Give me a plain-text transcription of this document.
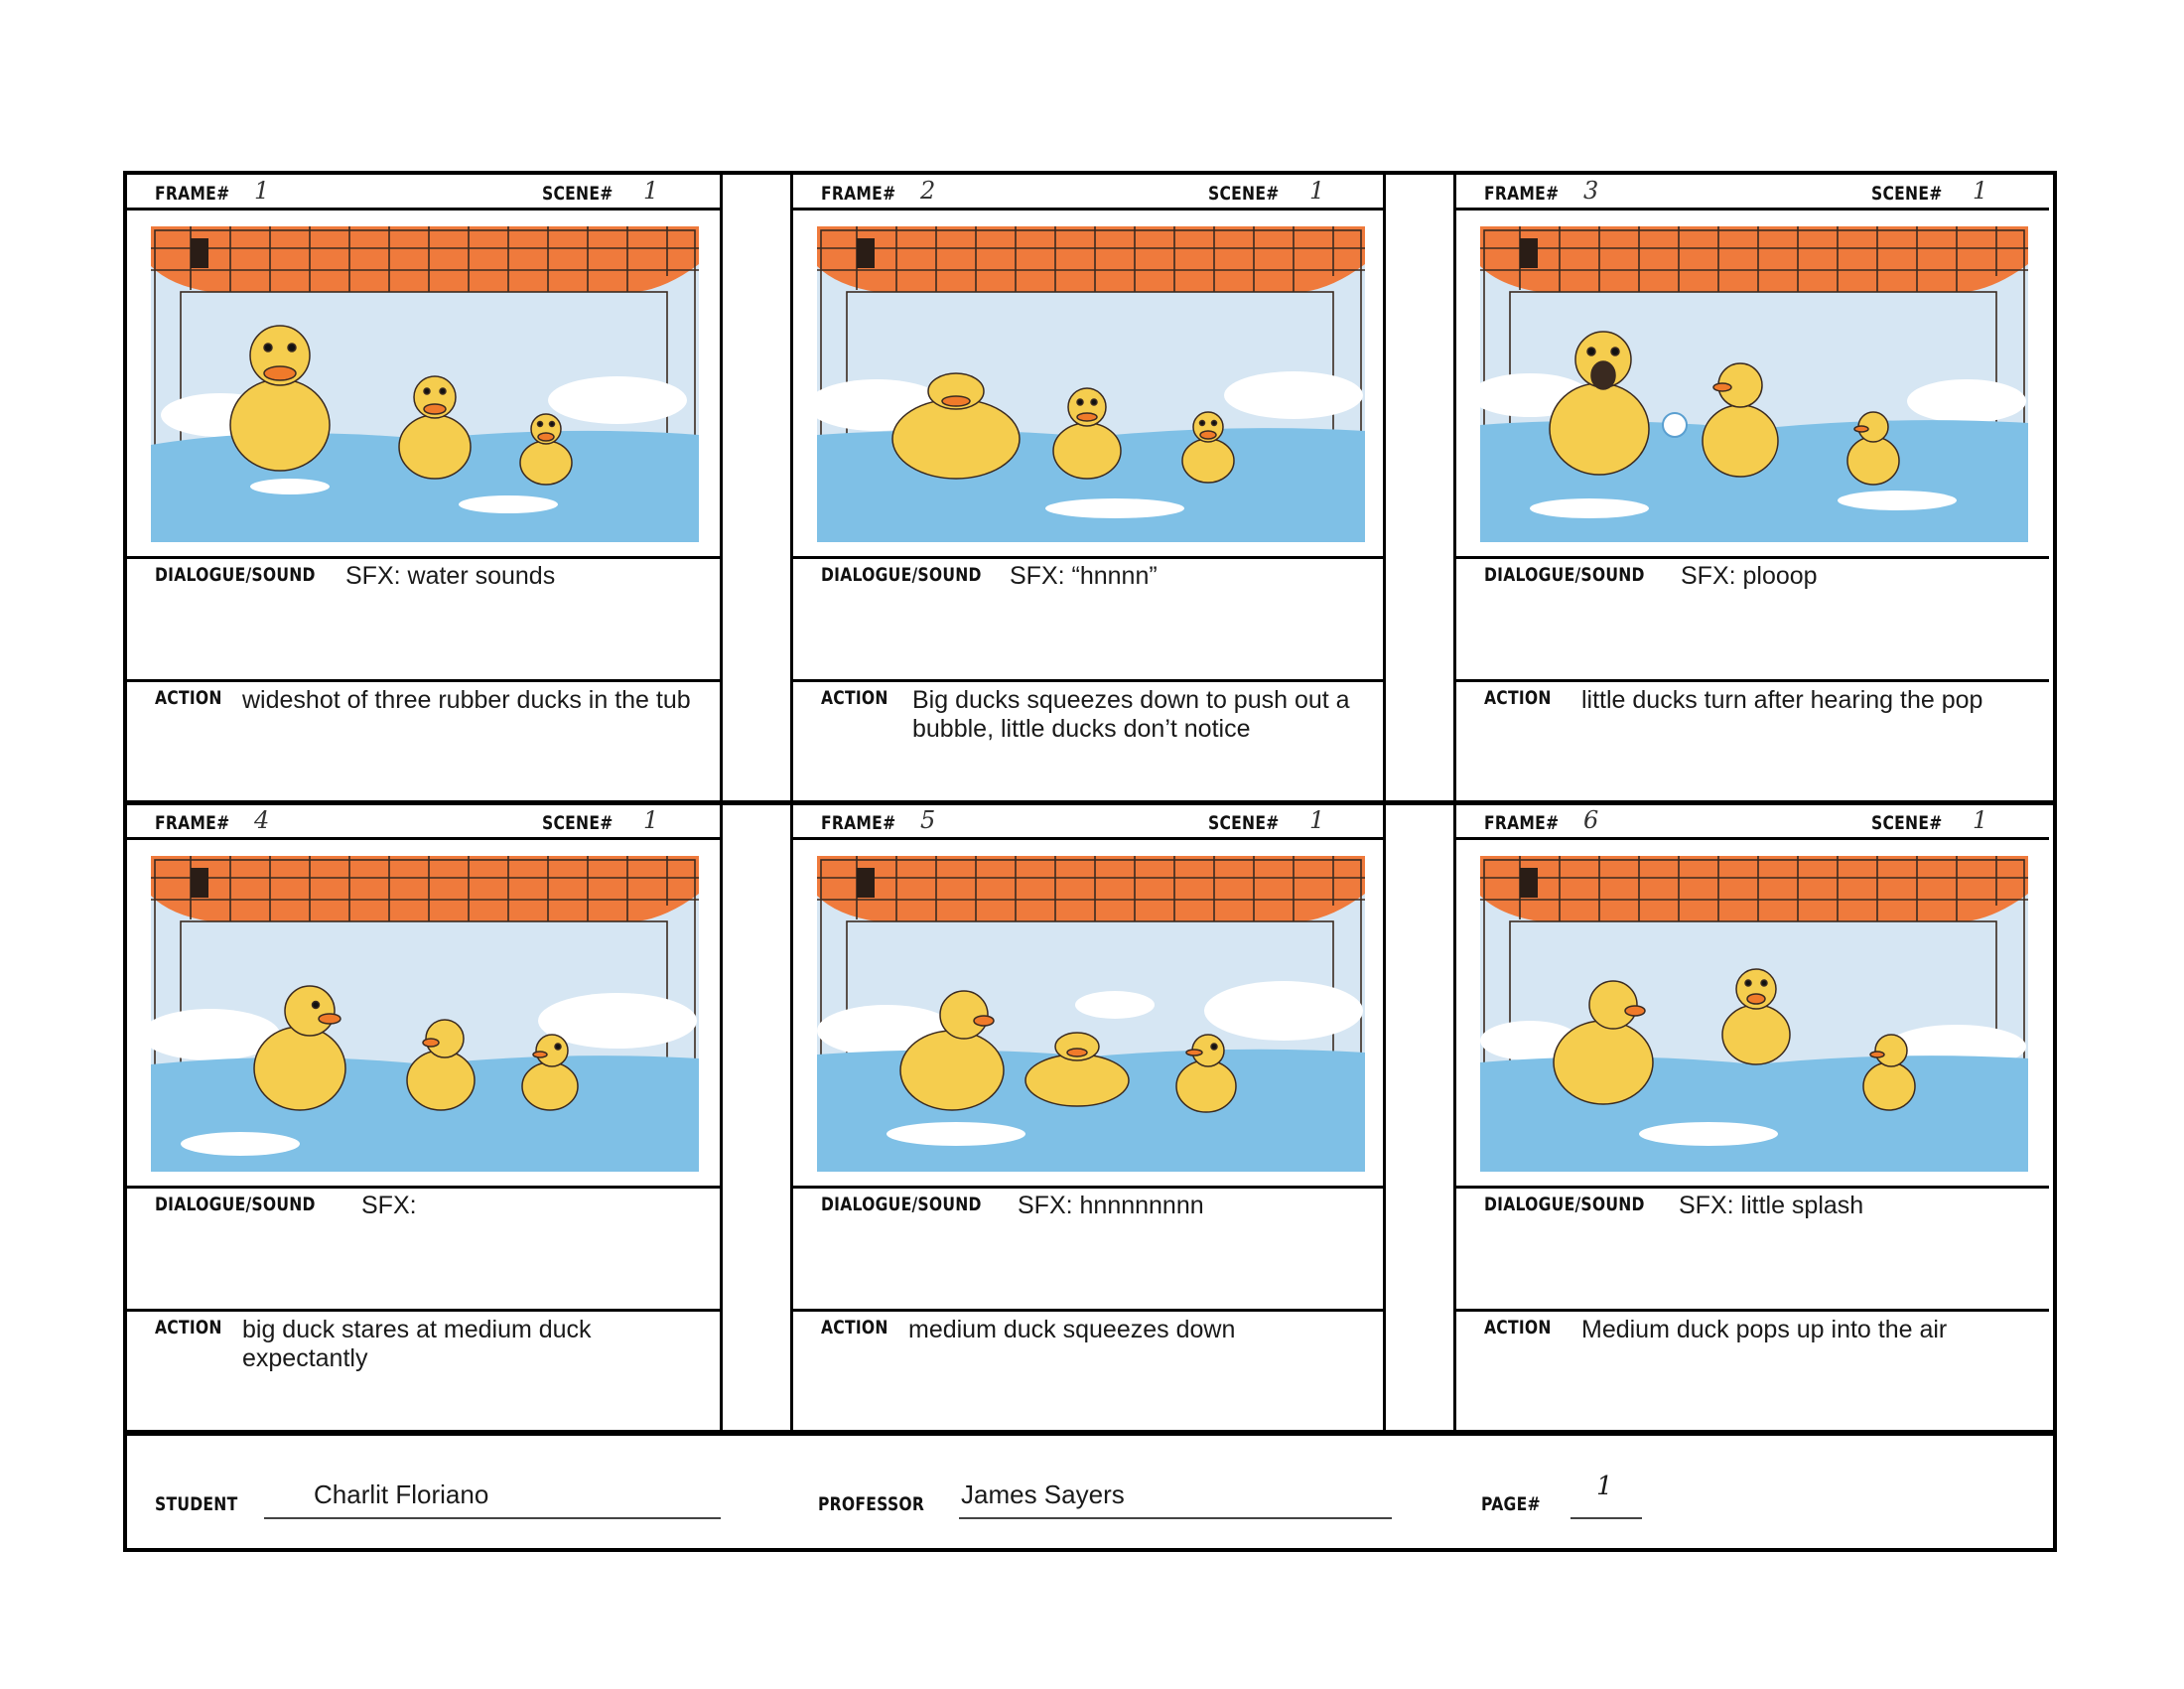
FRAME# 1	SCENE# 1
DIALOGUE/SOUND SFX: water sounds
ACTION wideshot of three rubber ducks in the tub
FRAME# 2	SCENE# 1
DIALOGUE/SOUND SFX: “hnnnn”
ACTION Big ducks squeezes down to push out a bubble, little ducks don’t notice
FRAME# 3	SCENE# 1
DIALOGUE/SOUND SFX: plooop
ACTION little ducks turn after hearing the pop
FRAME# 4	SCENE# 1
DIALOGUE/SOUND SFX:
ACTION big duck stares at medium duck expectantly
FRAME# 5	SCENE# 1
DIALOGUE/SOUND SFX: hnnnnnnnn
ACTION medium duck squeezes down
FRAME# 6	SCENE# 1
DIALOGUE/SOUND SFX: little splash
ACTION Medium duck pops up into the air
STUDENT	Charlit Floriano	PROFESSOR James Sayers	PAGE#
1
